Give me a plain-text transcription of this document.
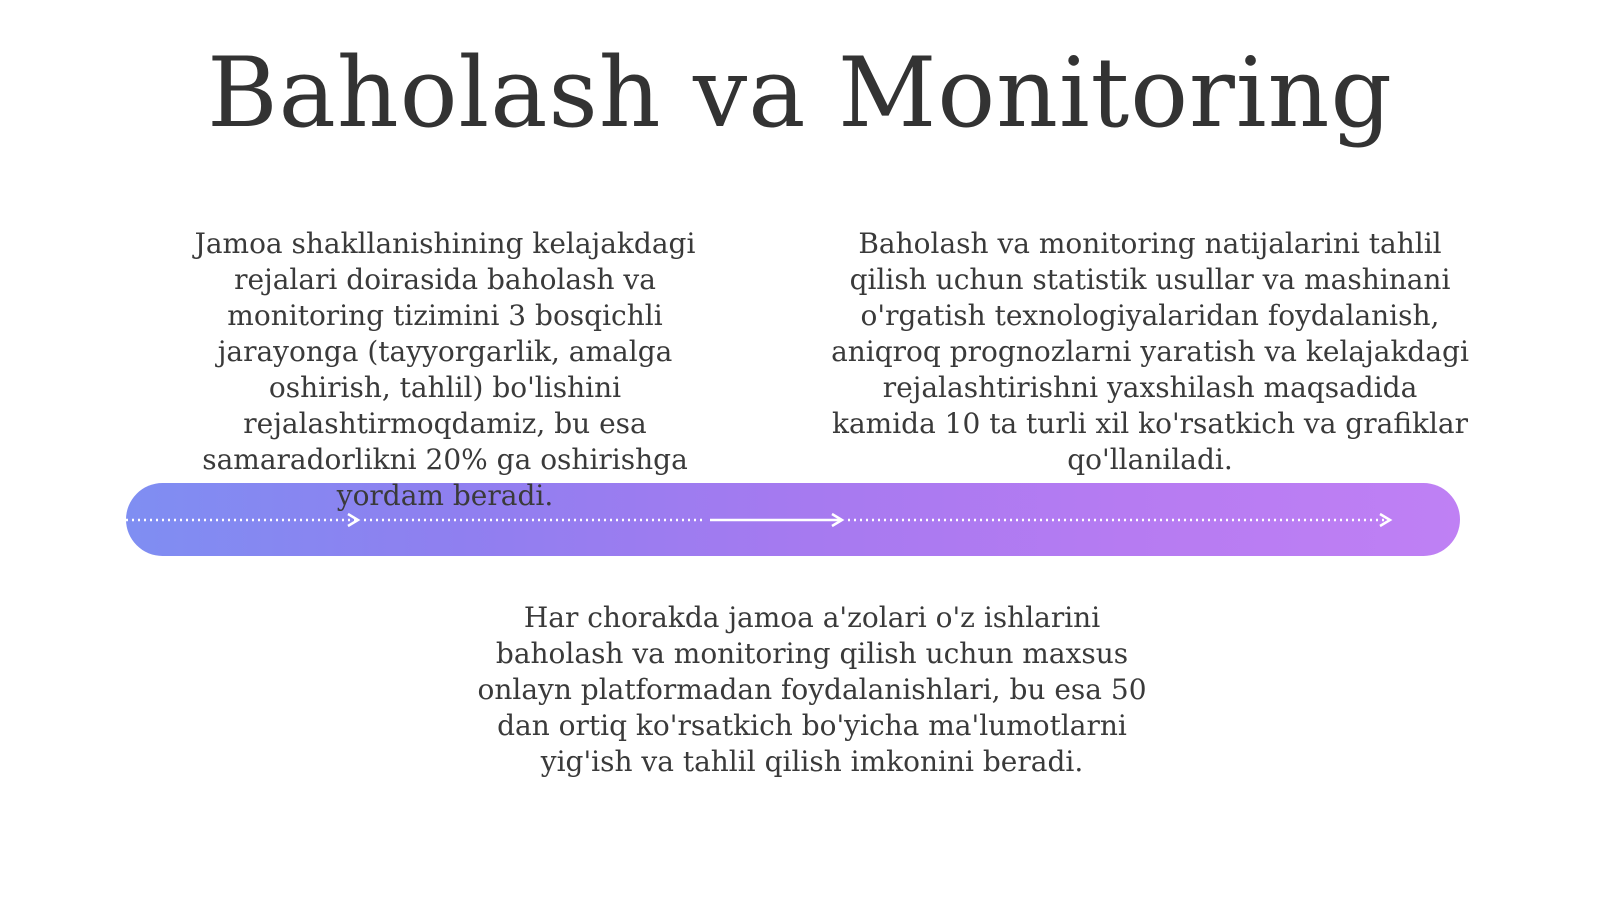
Baholash va Monitoring
Jamoa shakllanishining kelajakdagi rejalari doirasida baholash va monitoring tizimini 3 bosqichli jarayonga (tayyorgarlik, amalga oshirish, tahlil) bo'lishini rejalashtirmoqdamiz, bu esa samaradorlikni 20% ga oshirishga yordam beradi.
Baholash va monitoring natijalarini tahlil qilish uchun statistik usullar va mashinani o'rgatish texnologiyalaridan foydalanish, aniqroq prognozlarni yaratish va kelajakdagi rejalashtirishni yaxshilash maqsadida kamida 10 ta turli xil ko'rsatkich va grafiklar qo'llaniladi.
Har chorakda jamoa a'zolari o'z ishlarini baholash va monitoring qilish uchun maxsus onlayn platformadan foydalanishlari, bu esa 50 dan ortiq ko'rsatkich bo'yicha ma'lumotlarni yig'ish va tahlil qilish imkonini beradi.
